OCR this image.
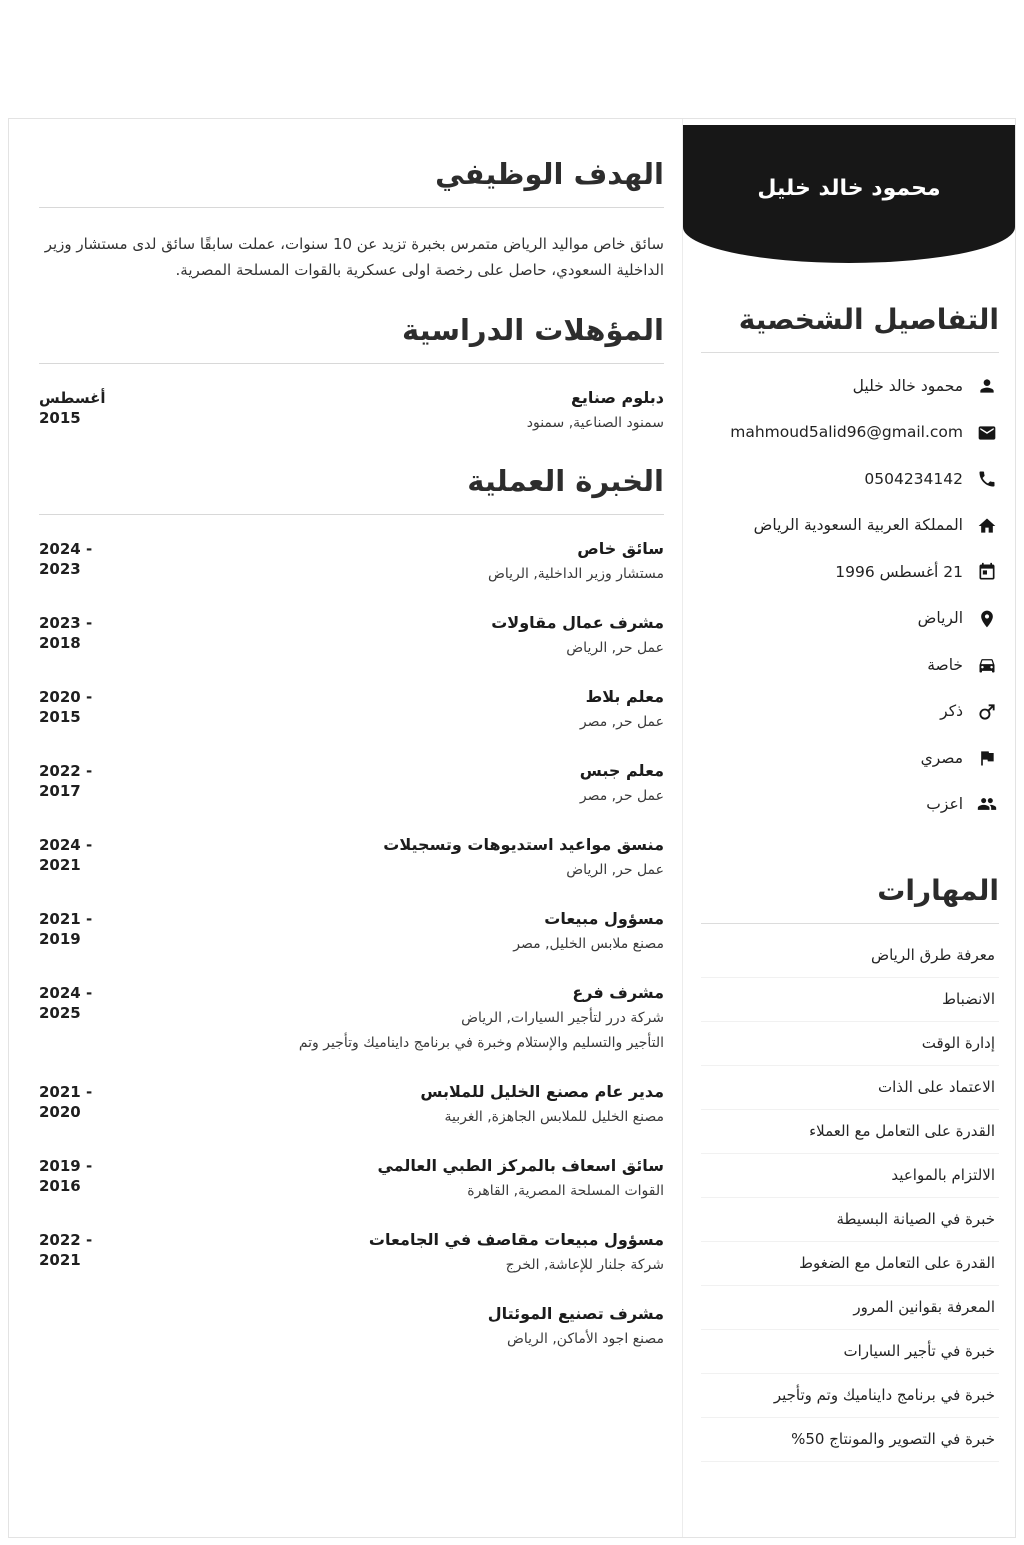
محمود خالد خليل
التفاصيل الشخصية
محمود خالد خليل
mahmoud5alid96@gmail.com
0504234142
المملكة العربية السعودية الرياض
21 أغسطس 1996
الرياض
خاصة
ذكر
مصري
اعزب
المهارات
معرفة طرق الرياض
الانضباط
إدارة الوقت
الاعتماد على الذات
القدرة على التعامل مع العملاء
الالتزام بالمواعيد
خبرة في الصيانة البسيطة
القدرة على التعامل مع الضغوط
المعرفة بقوانين المرور
خبرة في تأجير السيارات
خبرة في برنامج دايناميك وتم وتأجير
خبرة في التصوير والمونتاج 50%
الهدف الوظيفي

سائق خاص مواليد الرياض متمرس بخبرة تزيد عن 10 سنوات، عملت سابقًا سائق لدى مستشار وزير الداخلية السعودي، حاصل على رخصة اولى عسكرية بالقوات المسلحة المصرية.

المؤهلات الدراسية
دبلوم صنايع
سمنود الصناعية, سمنود
أغسطس 2015
الخبرة العملية
سائق خاص
مستشار وزير الداخلية, الرياض
2024 - 2023
مشرف عمال مقاولات
عمل حر, الرياض
2023 - 2018
معلم بلاط
عمل حر, مصر
2020 - 2015
معلم جبس
عمل حر, مصر
2022 - 2017
منسق مواعيد استديوهات وتسجيلات
عمل حر, الرياض
2024 - 2021
مسؤول مبيعات
مصنع ملابس الخليل, مصر
2021 - 2019
مشرف فرع
شركة درر لتأجير السيارات, الرياض
التأجير والتسليم والإستلام وخبرة في برنامج دايناميك وتأجير وتم
2024 - 2025
مدير عام مصنع الخليل للملابس
مصنع الخليل للملابس الجاهزة, الغربية
2021 - 2020
سائق اسعاف بالمركز الطبي العالمي
القوات المسلحة المصرية, القاهرة
2019 - 2016
مسؤول مبيعات مقاصف في الجامعات
شركة جلنار للإعاشة, الخرج
2022 - 2021
مشرف تصنيع الموئتال
مصنع اجود الأماكن, الرياض
